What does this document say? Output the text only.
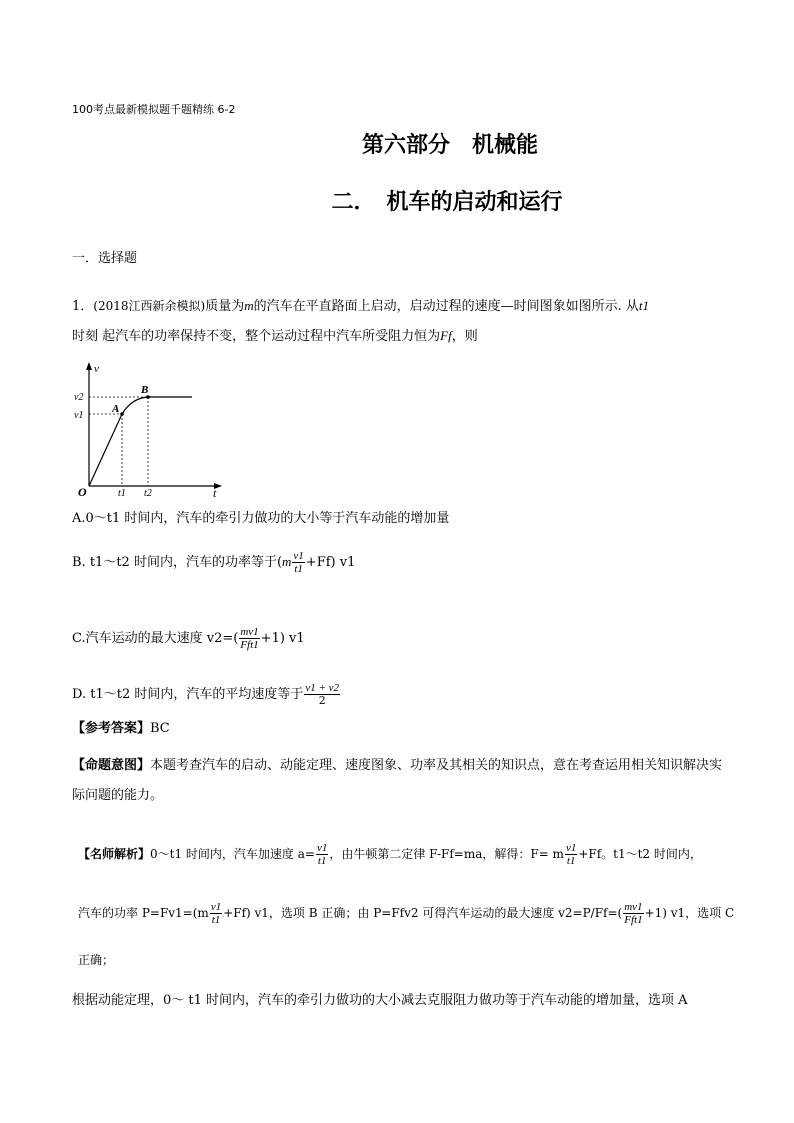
100考点最新模拟题千题精练 6-2
第六部分　机械能
二．　机车的启动和运行
一．选择题
1．(2018江西新余模拟)质量为m的汽车在平直路面上启动，启动过程的速度—时间图象如图所示. 从t1
时刻 起汽车的功率保持不变，整个运动过程中汽车所受阻力恒为Ff，则
v
t
O
v2
v1
t1 t2
A
B
A.0～t1 时间内，汽车的牵引力做功的大小等于汽车动能的增加量
B. t1～t2 时间内，汽车的功率等于$(m \frac{v1}{t1} +Ff)$ v1
C.汽车运动的最大速度 $v2=( \frac{mv1}{\text{Fft1}} +1)$ v1
D. t1～t2 时间内，汽车的平均速度等于 $\frac{v1 + v2}{2}$
【参考答案】BC
【命题意图】本题考查汽车的启动、动能定理、速度图象、功率及其相关的知识点，意在考查运用相关知识解决实际问题的能力。
【名师解析】0～t1 时间内，汽车加速度 $a= \frac{v1}{t1}$ ，由牛顿第二定律 F-Ff=ma，解得：F= m $\frac{v1}{t1} +Ff$。t1～t2 时间内，
汽车的功率 $P=Fv1=(m \frac{v1}{t1} +Ff)$ v1，选项 B 正确；由 P=Ffv2 可得汽车运动的最大速度 $v2=P/Ff=( \frac{mv1}{\text{Fft1}} +1)$ v1，选项 C
正确；
根据动能定理，0～ t1 时间内，汽车的牵引力做功的大小减去克服阻力做功等于汽车动能的增加量，选项 A
